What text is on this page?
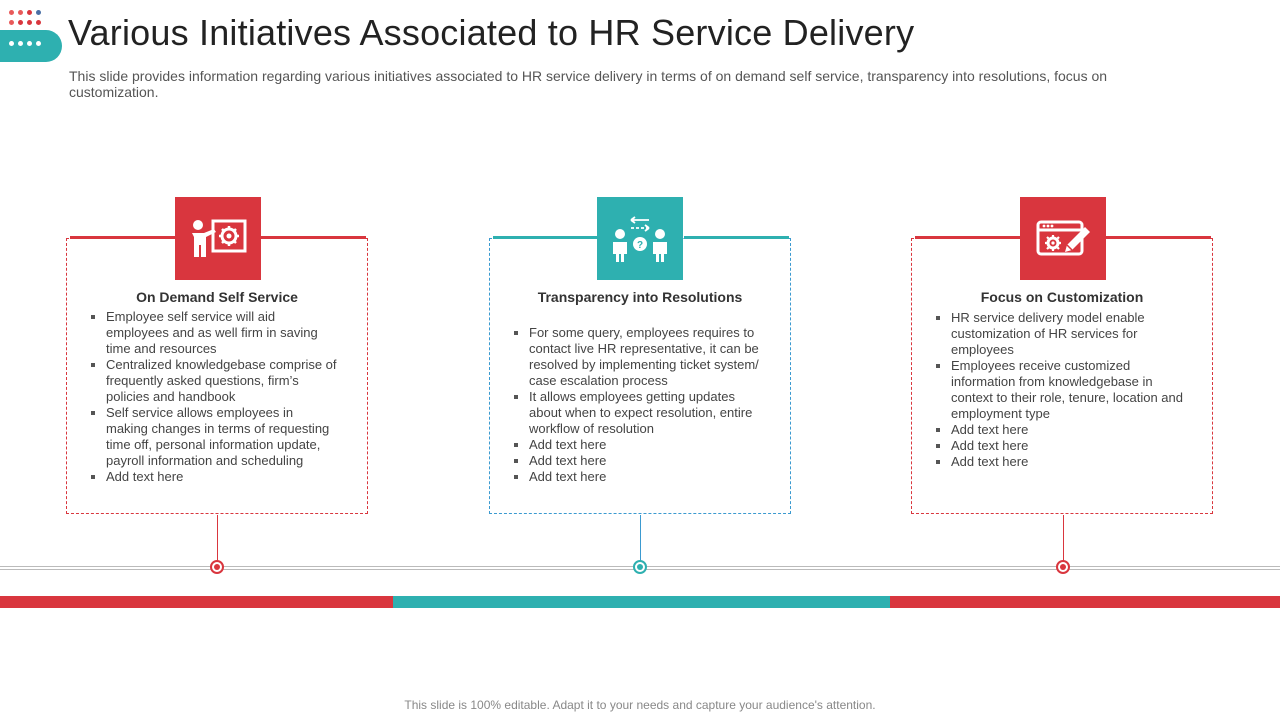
Various Initiatives Associated to HR Service Delivery
This slide provides information regarding various initiatives associated to HR service delivery in terms of on demand self service, transparency into resolutions, focus on customization.
On Demand Self Service
Employee self service will aid employees and as well firm in saving time and resources
Centralized knowledgebase comprise of frequently asked questions, firm’s policies and handbook
Self service allows employees in making changes in terms of requesting time off, personal information update, payroll information and scheduling
Add text here
?
Transparency into Resolutions
For some query, employees requires to contact live HR representative, it can be resolved by implementing ticket system/ case escalation process
It allows employees getting updates about when to expect resolution, entire workflow of resolution
Add text here
Add text here
Add text here
Focus on Customization
HR service delivery model enable customization of HR services for employees
Employees receive customized information from knowledgebase in context to their role, tenure, location and employment type
Add text here
Add text here
Add text here
This slide is 100% editable. Adapt it to your needs and capture your audience's attention.
